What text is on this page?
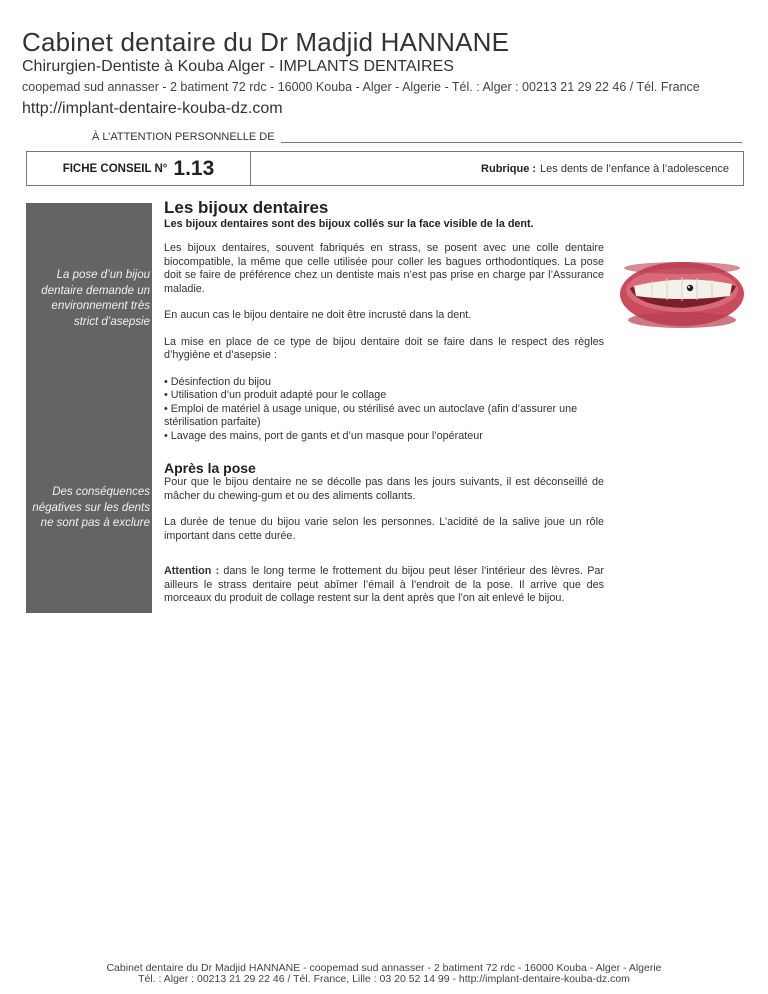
Cabinet dentaire du Dr Madjid HANNANE
Chirurgien-Dentiste à Kouba Alger - IMPLANTS DENTAIRES
coopemad sud annasser - 2 batiment 72 rdc - 16000 Kouba - Alger - Algerie - Tél. : Alger : 00213 21 29 22 46 / Tél. France
http://implant-dentaire-kouba-dz.com
À L’ATTENTION PERSONNELLE DE
FICHE CONSEIL N° 1.13	Rubrique : Les dents de l’enfance à l’adolescence
La pose d’un bijou dentaire demande un environnement très strict d’asepsie
Des conséquences négatives sur les dents ne sont pas à exclure
Les bijoux dentaires
Les bijoux dentaires sont des bijoux collés sur la face visible de la dent.

Les bijoux dentaires, souvent fabriqués en strass, se posent avec une colle dentaire biocompatible, la même que celle utilisée pour coller les bagues orthodontiques. La pose doit se faire de préférence chez un dentiste mais n’est pas prise en charge par l’Assurance maladie.

En aucun cas le bijou dentaire ne doit être incrusté dans la dent.

La mise en place de ce type de bijou dentaire doit se faire dans le respect des règles d’hygiène et d’asepsie :

• Désinfection du bijou
• Utilisation d’un produit adapté pour le collage
• Emploi de matériel à usage unique, ou stérilisé avec un autoclave (afin d’assurer une stérilisation parfaite)
• Lavage des mains, port de gants et d’un masque pour l’opérateur
Après la pose

Pour que le bijou dentaire ne se décolle pas dans les jours suivants, il est déconseillé de mâcher du chewing-gum et ou des aliments collants.

La durée de tenue du bijou varie selon les personnes. L’acidité de la salive joue un rôle important dans cette durée.

Attention : dans le long terme le frottement du bijou peut léser l’intérieur des lèvres. Par ailleurs le strass dentaire peut abîmer l’émail à l’endroit de la pose. Il arrive que des morceaux du produit de collage restent sur la dent après que l’on ait enlevé le bijou.

Cabinet dentaire du Dr Madjid HANNANE - coopemad sud annasser - 2 batiment 72 rdc - 16000 Kouba - Alger - Algerie
Tél. : Alger : 00213 21 29 22 46 / Tél. France, Lille : 03 20 52 14 99 - http://implant-dentaire-kouba-dz.com
